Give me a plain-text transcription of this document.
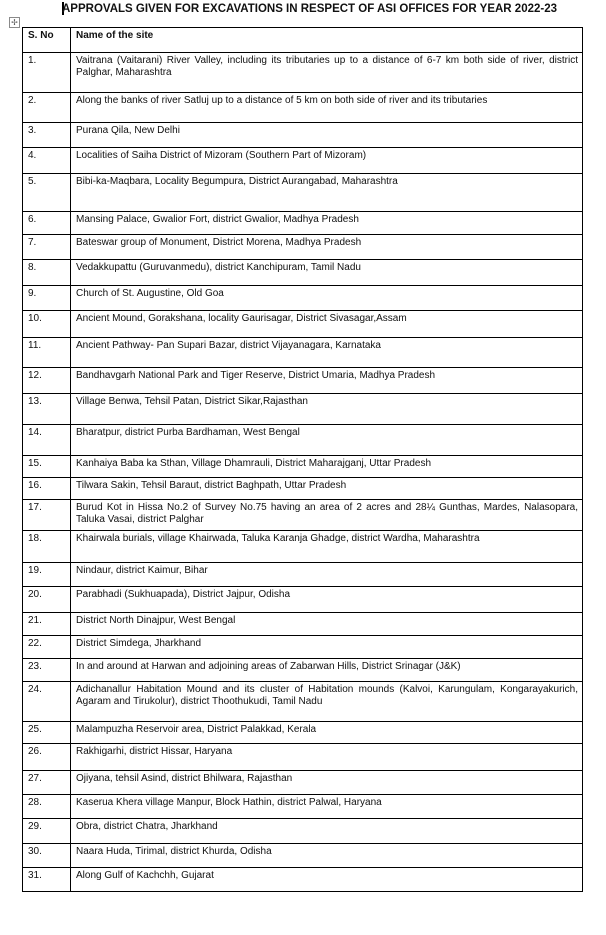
APPROVALS GIVEN FOR EXCAVATIONS IN RESPECT OF ASI OFFICES FOR YEAR 2022-23
✢
S. No	Name of the site
1.	Vaitrana (Vaitarani) River Valley, including its tributaries up to a distance of 6-7 km both side of river, district Palghar, Maharashtra
2.	Along the banks of river Satluj up to a distance of 5 km on both side of river and its tributaries
3.	Purana Qila, New Delhi
4.	Localities of Saiha District of Mizoram (Southern Part of Mizoram)
5.	Bibi-ka-Maqbara, Locality Begumpura, District Aurangabad, Maharashtra
6.	Mansing Palace, Gwalior Fort, district Gwalior, Madhya Pradesh
7.	Bateswar group of Monument, District Morena, Madhya Pradesh
8.	Vedakkupattu (Guruvanmedu), district Kanchipuram, Tamil Nadu
9.	Church of St. Augustine, Old Goa
10.	Ancient Mound, Gorakshana, locality Gaurisagar, District Sivasagar,Assam
11.	Ancient Pathway- Pan Supari Bazar, district Vijayanagara, Karnataka
12.	Bandhavgarh National Park and Tiger Reserve, District Umaria, Madhya Pradesh
13.	Village Benwa, Tehsil Patan, District Sikar,Rajasthan
14.	Bharatpur, district Purba Bardhaman, West Bengal
15.	Kanhaiya Baba ka Sthan, Village Dhamrauli, District Maharajganj, Uttar Pradesh
16.	Tilwara Sakin, Tehsil Baraut, district Baghpath, Uttar Pradesh
17.	Burud Kot in Hissa No.2 of Survey No.75 having an area of 2 acres and 28¼ Gunthas, Mardes, Nalasopara, Taluka Vasai, district Palghar
18.	Khairwala burials, village Khairwada, Taluka Karanja Ghadge, district Wardha, Maharashtra
19.	Nindaur, district Kaimur, Bihar
20.	Parabhadi (Sukhuapada), District Jajpur, Odisha
21.	District North Dinajpur, West Bengal
22.	District Simdega, Jharkhand
23.	In and around at Harwan and adjoining areas of Zabarwan Hills, District Srinagar (J&K)
24.	Adichanallur Habitation Mound and its cluster of Habitation mounds (Kalvoi, Karungulam, Kongarayakurich, Agaram and Tirukolur), district Thoothukudi, Tamil Nadu
25.	Malampuzha Reservoir area, District Palakkad, Kerala
26.	Rakhigarhi, district Hissar, Haryana
27.	Ojiyana, tehsil Asind, district Bhilwara, Rajasthan
28.	Kaserua Khera village Manpur, Block Hathin, district Palwal, Haryana
29.	Obra, district Chatra, Jharkhand
30.	Naara Huda, Tirimal, district Khurda, Odisha
31.	Along Gulf of Kachchh, Gujarat
